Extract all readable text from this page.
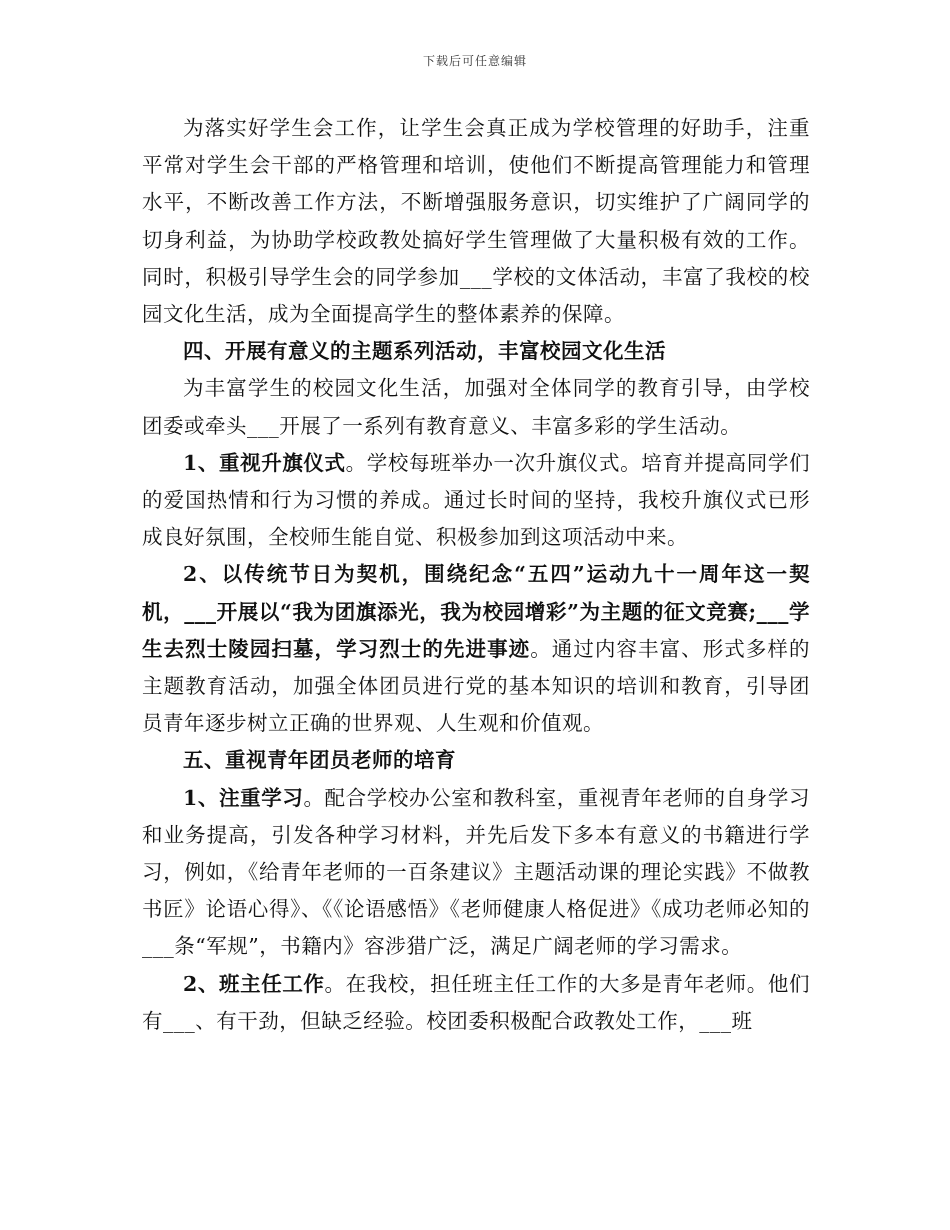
下载后可任意编辑

为落实好学生会工作，让学生会真正成为学校管理的好助手，注重平常对学生会干部的严格管理和培训，使他们不断提高管理能力和管理水平，不断改善工作方法，不断增强服务意识，切实维护了广阔同学的切身利益，为协助学校政教处搞好学生管理做了大量积极有效的工作。同时，积极引导学生会的同学参加___学校的文体活动，丰富了我校的校园文化生活，成为全面提高学生的整体素养的保障。

四、开展有意义的主题系列活动，丰富校园文化生活

为丰富学生的校园文化生活，加强对全体同学的教育引导，由学校团委或牵头___开展了一系列有教育意义、丰富多彩的学生活动。

1、重视升旗仪式。学校每班举办一次升旗仪式。培育并提高同学们的爱国热情和行为习惯的养成。通过长时间的坚持，我校升旗仪式已形成良好氛围，全校师生能自觉、积极参加到这项活动中来。

2、以传统节日为契机，围绕纪念“五四”运动九十一周年这一契机，___开展以“我为团旗添光，我为校园增彩”为主题的征文竞赛;___学生去烈士陵园扫墓，学习烈士的先进事迹。通过内容丰富、形式多样的主题教育活动，加强全体团员进行党的基本知识的培训和教育，引导团员青年逐步树立正确的世界观、人生观和价值观。

五、重视青年团员老师的培育

1、注重学习。配合学校办公室和教科室，重视青年老师的自身学习和业务提高，引发各种学习材料，并先后发下多本有意义的书籍进行学习，例如，《给青年老师的一百条建议》主题活动课的理论实践》不做教书匠》论语心得》、《《论语感悟》《老师健康人格促进》《成功老师必知的___条“军规”，书籍内》容涉猎广泛，满足广阔老师的学习需求。

2、班主任工作。在我校，担任班主任工作的大多是青年老师。他们有___、有干劲，但缺乏经验。校团委积极配合政教处工作，___班
